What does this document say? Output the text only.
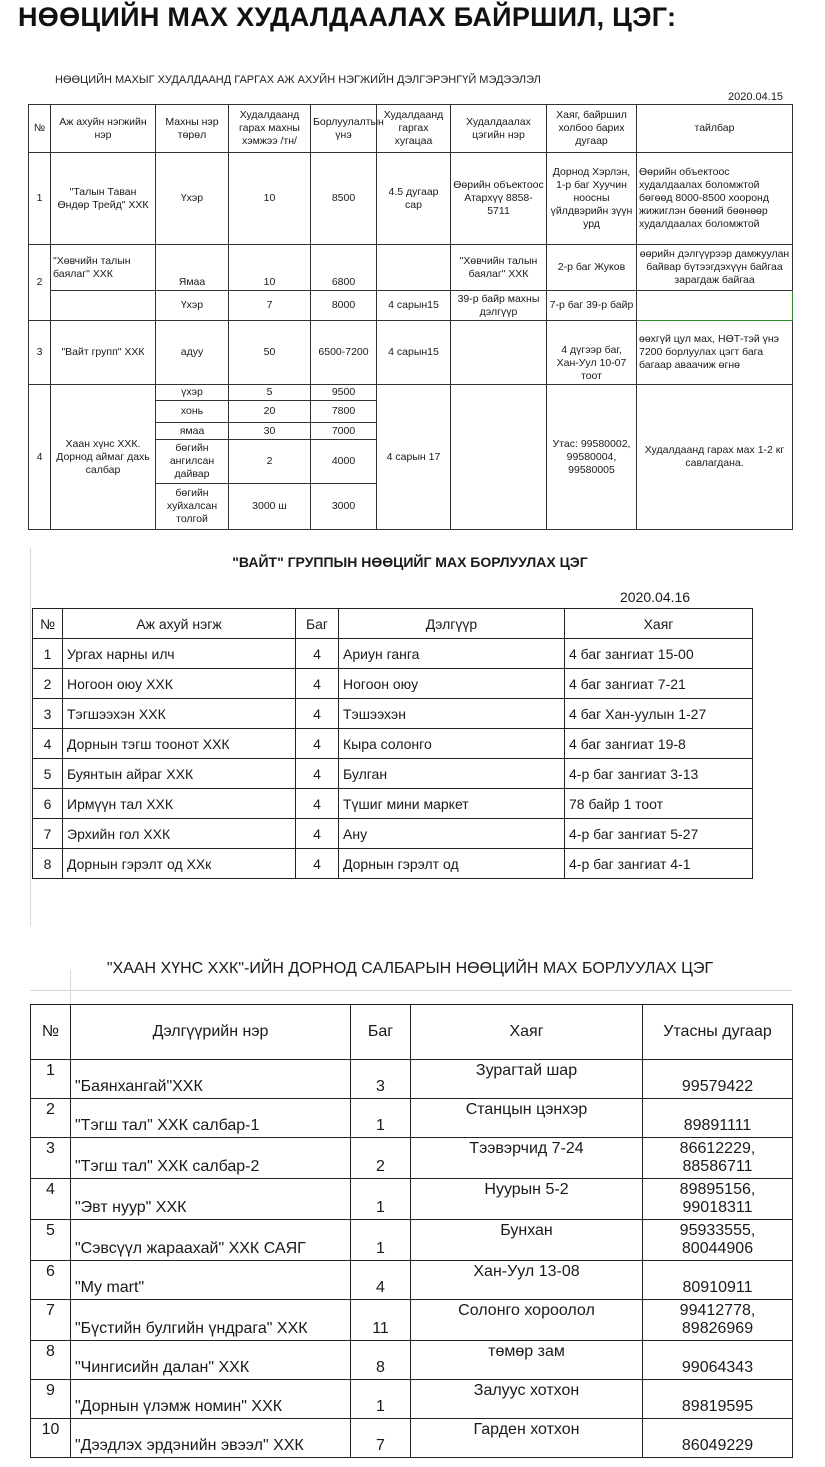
НӨӨЦИЙН МАХ ХУДАЛДААЛАХ БАЙРШИЛ, ЦЭГ:
НӨӨЦИЙН МАХЫГ ХУДАЛДААНД ГАРГАХ АЖ АХУЙН НЭГЖИЙН ДЭЛГЭРЭНГҮЙ МЭДЭЭЛЭЛ
2020.04.15
№	Аж ахуйн нэгжийн нэр	Махны нэр төрөл	Худалдаанд гарах махны хэмжээ /тн/	Борлуулалтын үнэ	Худалдаанд гаргах хугацаа	Худалдаалах цэгийн нэр	Хаяг, байршил холбоо барих дугаар	тайлбар
1	"Талын Таван Өндөр Трейд" ХХК	Үхэр	10	8500	4.5 дугаар сар	Өөрийн объектоос Атархүү 8858-5711	Дорнод Хэрлэн, 1-р баг Хуучин ноосны үйлдвэрийн зүүн урд	Өөрийн объектоос худалдаалах боломжтой бөгөөд 8000-8500 хооронд жижиглэн бөөний бөөнөөр худалдаалах боломжтой
2	"Хөвчийн талын баялаг" ХХК	Ямаа	10	6800		"Хөвчийн талын баялаг" ХХК	2-р баг Жуков	өөрийн дэлгүүрээр дамжуулан байвар бүтээгдэхүүн байгаа зарагдаж байгаа
		Үхэр	7	8000	4 сарын15	39-р байр махны дэлгүүр	7-р баг 39-р байр	
3	"Вайт групп" ХХК	адуу	50	6500-7200	4 сарын15		4 дүгээр баг, Хан-Уул 10-07 тоот	өөхгүй цул мах, НӨТ-тэй үнэ 7200 борлуулах цэгт бага багаар аваачиж өгнө
4	Хаан хүнс ХХК. Дорнод аймаг дахь салбар	үхэр	5	9500	4 сарын 17		Утас: 99580002, 99580004, 99580005	Худалдаанд гарах мах 1-2 кг савлагдана.
		хонь	20	7800				
		ямаа	30	7000				
		бөгийн ангилсан дайвар	2	4000				
		бөгийн хуйхалсан толгой	3000 ш	3000				
"ВАЙТ" ГРУППЫН НӨӨЦИЙГ МАХ БОРЛУУЛАХ ЦЭГ
2020.04.16
№	Аж ахуй нэгж	Баг	Дэлгүүр	Хаяг
1	Ургах нарны илч	4	Ариун ганга	4 баг зангиат 15-00
2	Ногоон оюу ХХК	4	Ногоон оюу	4 баг зангиат 7-21
3	Тэгшээхэн ХХК	4	Тэшээхэн	4 баг Хан-уулын 1-27
4	Дорнын тэгш тоонот ХХК	4	Кыра солонго	4 баг зангиат 19-8
5	Буянтын айраг ХХК	4	Булган	4-р баг зангиат 3-13
6	Ирмүүн тал ХХК	4	Түшиг мини маркет	78 байр 1 тоот
7	Эрхийн гол ХХК	4	Ану	4-р баг зангиат 5-27
8	Дорнын гэрэлт од ХХк	4	Дорнын гэрэлт од	4-р баг зангиат 4-1
"ХААН ХҮНС ХХК"-ИЙН ДОРНОД САЛБАРЫН НӨӨЦИЙН МАХ БОРЛУУЛАХ ЦЭГ
№	Дэлгүүрийн нэр	Баг	Хаяг	Утасны дугаар
1	"Баянхангай"ХХК	3	Зурагтай шар	99579422
2	"Тэгш тал" ХХК салбар-1	1	Станцын цэнхэр	89891111
3	"Тэгш тал" ХХК салбар-2	2	Тээвэрчид 7-24	86612229, 88586711
4	"Эвт нуур" ХХК	1	Нуурын 5-2	89895156, 99018311
5	"Сэвсүүл жараахай" ХХК САЯГ	1	Бунхан	95933555, 80044906
6	"My mart"	4	Хан-Уул 13-08	80910911
7	"Бүстийн булгийн үндрага" ХХК	11	Солонго хороолол	99412778, 89826969
8	"Чингисийн далан" ХХК	8	төмөр зам	99064343
9	"Дорнын үлэмж номин" ХХК	1	Залуус хотхон	89819595
10	"Дээдлэх эрдэнийн эвээл" ХХК	7	Гарден хотхон	86049229
